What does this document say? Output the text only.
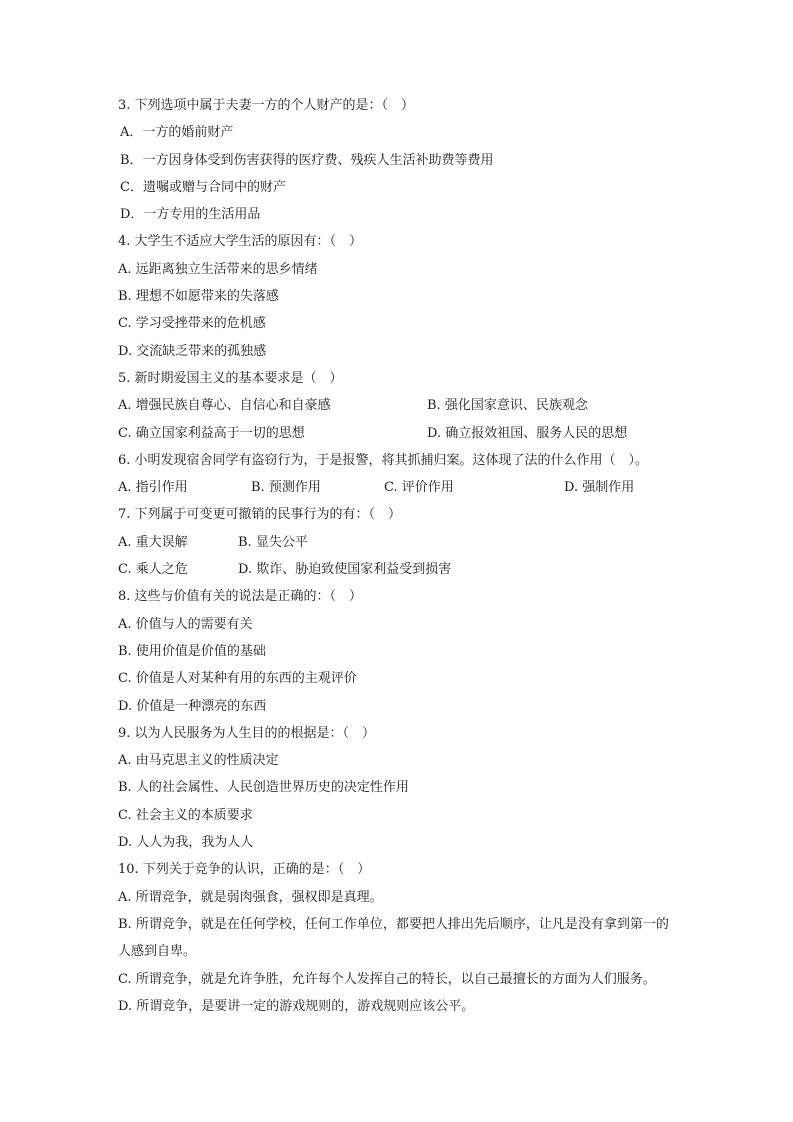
3. 下列选项中属于夫妻一方的个人财产的是：（　）
A．一方的婚前财产
B．一方因身体受到伤害获得的医疗费、残疾人生活补助费等费用
C．遗嘱或赠与合同中的财产
D．一方专用的生活用品
4. 大学生不适应大学生活的原因有：（　）
A. 远距离独立生活带来的思乡情绪
B. 理想不如愿带来的失落感
C. 学习受挫带来的危机感
D. 交流缺乏带来的孤独感
5. 新时期爱国主义的基本要求是（　）
A. 增强民族自尊心、自信心和自豪感	B. 强化国家意识、民族观念
C. 确立国家利益高于一切的思想	D. 确立报效祖国、服务人民的思想
6. 小明发现宿舍同学有盗窃行为，于是报警，将其抓捕归案。这体现了法的什么作用（　）。
A. 指引作用	B. 预测作用	C. 评价作用	D. 强制作用
7. 下列属于可变更可撤销的民事行为的有：（　）
A. 重大误解	B. 显失公平
C. 乘人之危	D. 欺诈、胁迫致使国家利益受到损害
8. 这些与价值有关的说法是正确的：（　）
A. 价值与人的需要有关
B. 使用价值是价值的基础
C. 价值是人对某种有用的东西的主观评价
D. 价值是一种漂亮的东西
9. 以为人民服务为人生目的的根据是：（　）
A. 由马克思主义的性质决定
B. 人的社会属性、人民创造世界历史的决定性作用
C. 社会主义的本质要求
D. 人人为我，我为人人
10. 下列关于竞争的认识，正确的是：（　）
A. 所谓竞争，就是弱肉强食，强权即是真理。
B. 所谓竞争，就是在任何学校，任何工作单位，都要把人排出先后顺序，让凡是没有拿到第一的人感到自卑。
C. 所谓竞争，就是允许争胜，允许每个人发挥自己的特长，以自己最擅长的方面为人们服务。
D. 所谓竞争，是要讲一定的游戏规则的，游戏规则应该公平。
